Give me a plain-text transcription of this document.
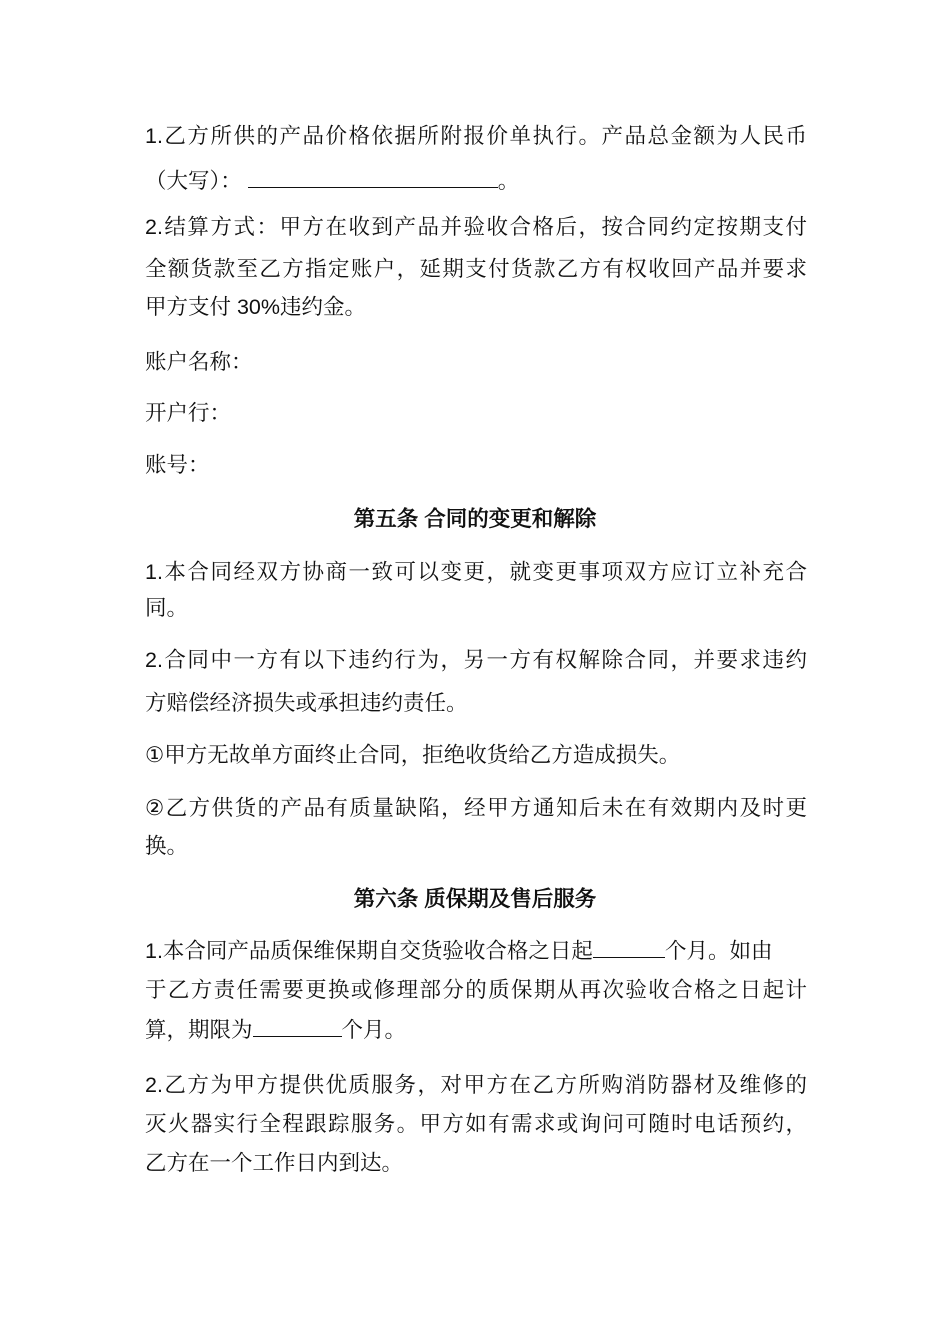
1.乙方所供的产品价格依据所附报价单执行。产品总金额为人民币
（大写）：	。
2.结算方式：甲方在收到产品并验收合格后，按合同约定按期支付
全额货款至乙方指定账户，延期支付货款乙方有权收回产品并要求
甲方支付 30%违约金。
账户名称：
开户行：
账号：
第五条 合同的变更和解除
1.本合同经双方协商一致可以变更，就变更事项双方应订立补充合
同。
2.合同中一方有以下违约行为，另一方有权解除合同，并要求违约
方赔偿经济损失或承担违约责任。
①甲方无故单方面终止合同，拒绝收货给乙方造成损失。
②乙方供货的产品有质量缺陷，经甲方通知后未在有效期内及时更
换。
第六条 质保期及售后服务
1.本合同产品质保维保期自交货验收合格之日起	个月。如由
于乙方责任需要更换或修理部分的质保期从再次验收合格之日起计
算，期限为	个月。
2.乙方为甲方提供优质服务，对甲方在乙方所购消防器材及维修的
灭火器实行全程跟踪服务。甲方如有需求或询问可随时电话预约，
乙方在一个工作日内到达。
